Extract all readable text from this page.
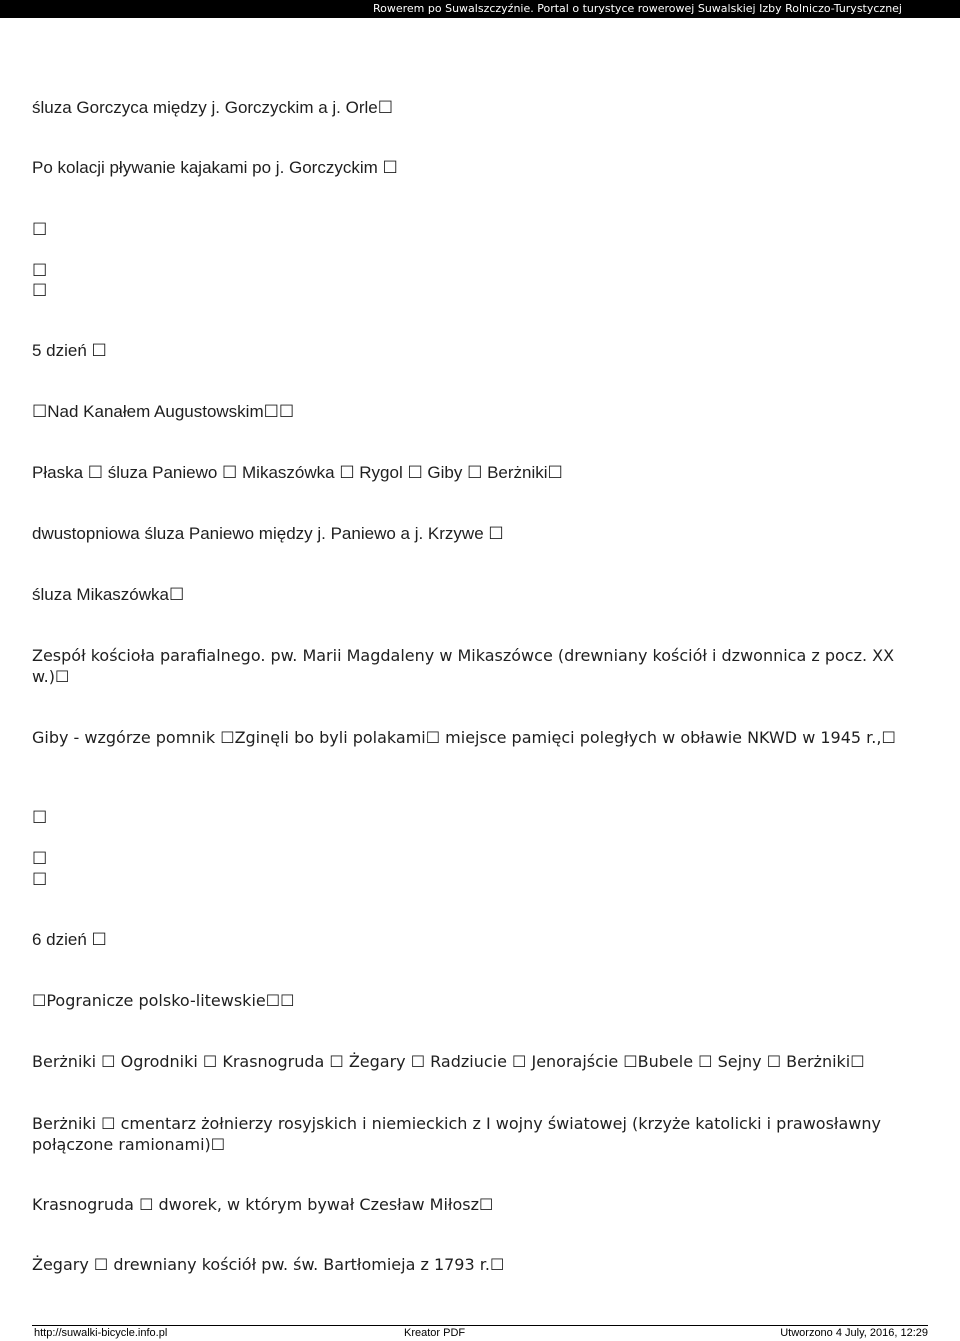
Rowerem po Suwalszczyźnie. Portal o turystyce rowerowej Suwalskiej Izby Rolniczo-Turystycznej
śluza Gorczyca między j. Gorczyckim a j. Orle☐
Po kolacji pływanie kajakami po j. Gorczyckim ☐
☐
☐
☐
5 dzień ☐
☐Nad Kanałem Augustowskim☐☐
Płaska ☐ śluza Paniewo ☐ Mikaszówka ☐ Rygol ☐ Giby ☐ Berżniki☐
dwustopniowa śluza Paniewo między j. Paniewo a j. Krzywe ☐
śluza Mikaszówka☐
Zespół kościoła parafialnego. pw. Marii Magdaleny w Mikaszówce (drewniany kościół i dzwonnica z pocz. XX w.)☐
Giby - wzgórze pomnik ☐Zginęli bo byli polakami☐ miejsce pamięci poległych w obławie NKWD w 1945 r.,☐
☐
☐
☐
6 dzień ☐
☐Pogranicze polsko-litewskie☐☐
Berżniki ☐ Ogrodniki ☐ Krasnogruda ☐ Żegary ☐ Radziucie ☐ Jenorajście ☐Bubele ☐ Sejny ☐ Berżniki☐
Berżniki ☐ cmentarz żołnierzy rosyjskich i niemieckich z I wojny światowej (krzyże katolicki i prawosławny połączone ramionami)☐
Krasnogruda ☐ dworek, w którym bywał Czesław Miłosz☐
Żegary ☐ drewniany kościół pw. św. Bartłomieja z 1793 r.☐
http://suwalki-bicycle.info.pl	Kreator PDF	Utworzono 4 July, 2016, 12:29
